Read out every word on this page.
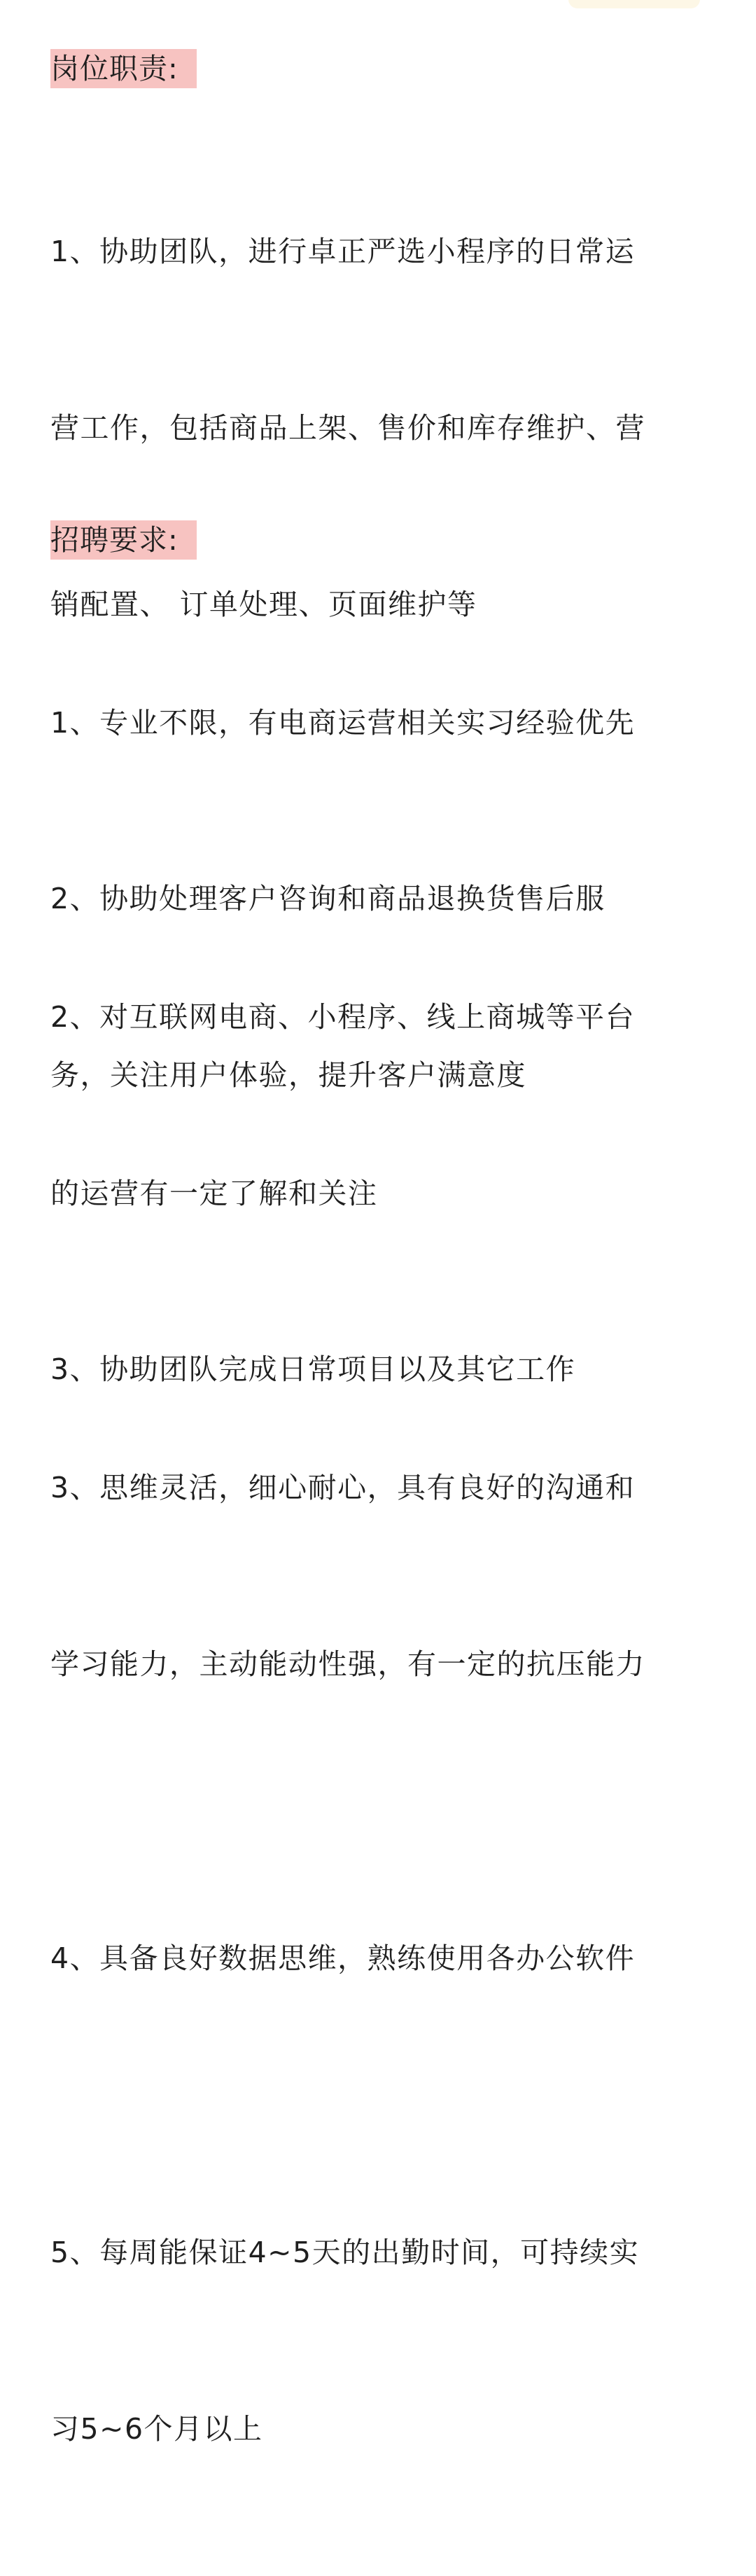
岗位职责:

1、协助团队，进行卓正严选小程序的日常运

营工作，包括商品上架、售价和库存维护、营

销配置、 订单处理、页面维护等

2、协助处理客户咨询和商品退换货售后服

务，关注用户体验，提升客户满意度

3、协助团队完成日常项目以及其它工作

招聘要求:

1、专业不限，有电商运营相关实习经验优先

2、对互联网电商、小程序、线上商城等平台

的运营有一定了解和关注

3、思维灵活，细心耐心，具有良好的沟通和

学习能力，主动能动性强，有一定的抗压能力

4、具备良好数据思维，熟练使用各办公软件

5、每周能保证4~5天的出勤时间，可持续实

习5~6个月以上
